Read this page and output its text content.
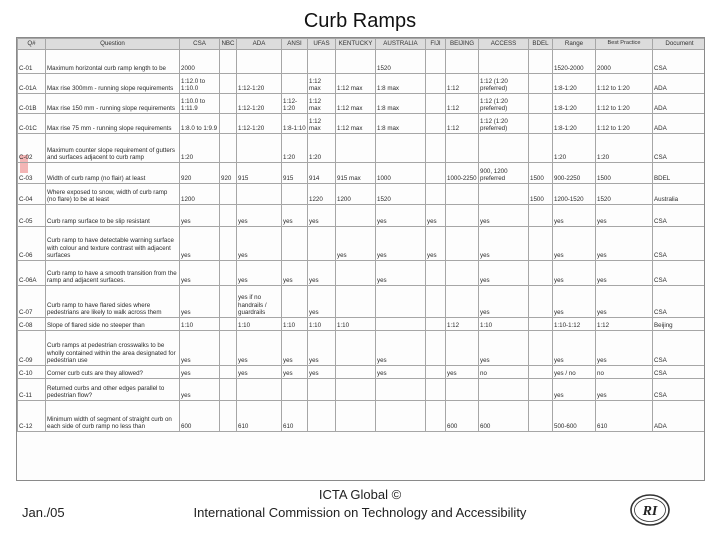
Curb Ramps
Q#	Question	CSA	NBC	ADA	ANSI	UFAS	KENTUCKY	AUSTRALIA	FIJI	BEIJING	ACCESS	BDEL	Range	Best Practice	Document
C-01	Maximum horizontal curb ramp length to be	2000						1520					1520-2000	2000	CSA
C-01A	Max rise 300mm - running slope requirements	1:12.0 to 1:10.0		1:12-1:20		1:12 max	1:12 max	1:8 max		1:12	1:12 (1:20 preferred)		1:8-1:20	1:12 to 1:20	ADA
C-01B	Max rise 150 mm - running slope requirements	1:10.0 to 1:11.9		1:12-1:20	1:12-1:20	1:12 max	1:12 max	1:8 max		1:12	1:12 (1:20 preferred)		1:8-1:20	1:12 to 1:20	ADA
C-01C	Max rise 75 mm - running slope requirements	1:8.0 to 1:9.9		1:12-1:20	1:8-1:10	1:12 max	1:12 max	1:8 max		1:12	1:12 (1:20 preferred)		1:8-1:20	1:12 to 1:20	ADA
C-02	Maximum counter slope requirement of gutters and surfaces adjacent to curb ramp	1:20			1:20	1:20							1:20	1:20	CSA
C-03	Width of curb ramp (no flair) at least	920	920	915	915	914	915 max	1000		1000-2250	900, 1200 preferred	1500	900-2250	1500	BDEL
C-04	Where exposed to snow, width of curb ramp (no flare) to be at least	1200				1220	1200	1520				1500	1200-1520	1520	Australia
C-05	Curb ramp surface to be slip resistant	yes		yes	yes	yes		yes	yes		yes		yes	yes	CSA
C-06	Curb ramp to have detectable warning surface with colour and texture contrast with adjacent surfaces	yes		yes			yes	yes	yes		yes		yes	yes	CSA
C-06A	Curb ramp to have a smooth transition from the ramp and adjacent surfaces.	yes		yes	yes	yes		yes			yes		yes	yes	CSA
C-07	Curb ramp to have flared sides where pedestrians are likely to walk across them	yes		yes if no handrails / guardrails		yes					yes		yes	yes	CSA
C-08	Slope of flared side no steeper than	1:10		1:10	1:10	1:10	1:10			1:12	1:10		1:10-1:12	1:12	Beijing
C-09	Curb ramps at pedestrian crosswalks to be wholly contained within the area designated for pedestrian use	yes		yes	yes	yes		yes			yes		yes	yes	CSA
C-10	Corner curb cuts are they allowed?	yes		yes	yes	yes		yes		yes	no		yes / no	no	CSA
C-11	Returned curbs and other edges parallel to pedestrian flow?	yes											yes	yes	CSA
C-12	Minimum width of segment of straight curb on each side of curb ramp no less than	600		610	610					600	600		500-600	610	ADA
Jan./05
ICTA Global ©
International Commission on Technology and Accessibility	RI
